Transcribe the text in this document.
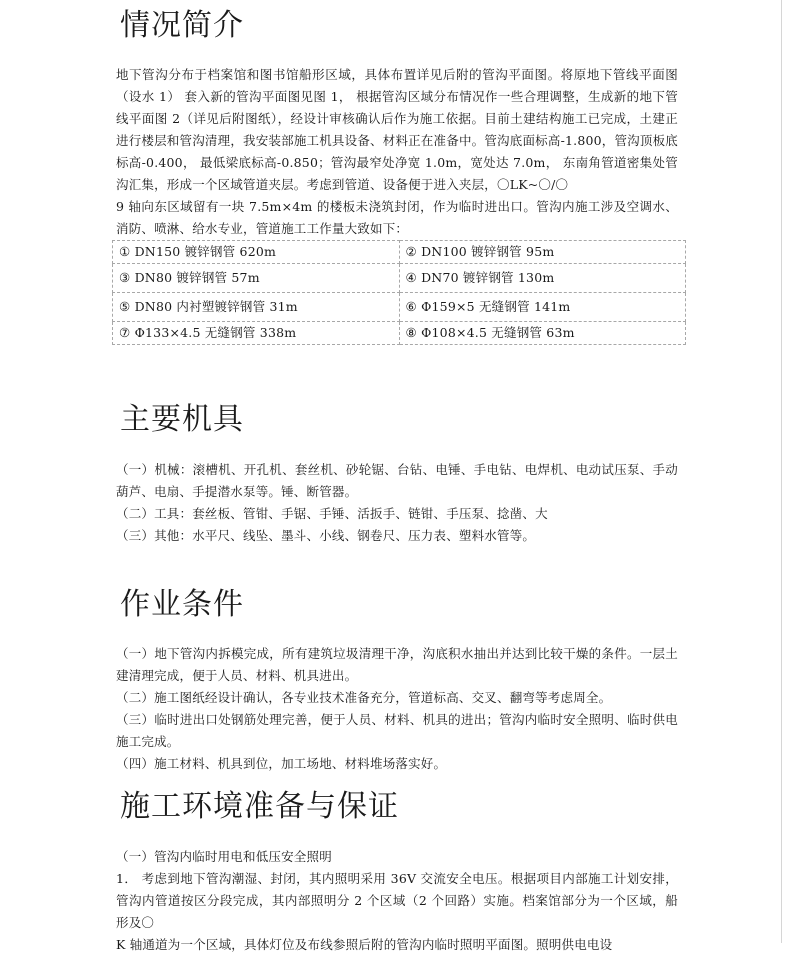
情况简介

地下管沟分布于档案馆和图书馆船形区域，具体布置详见后附的管沟平面图。将原地下管线平面图（设水 1） 套入新的管沟平面图见图 1， 根据管沟区域分布情况作一些合理调整，生成新的地下管线平面图 2（详见后附图纸），经设计审核确认后作为施工依据。目前土建结构施工已完成，土建正进行楼层和管沟清理，我安装部施工机具设备、材料正在准备中。管沟底面标高-1.800，管沟顶板底标高-0.400， 最低梁底标高-0.850；管沟最窄处净宽 1.0m，宽处达 7.0m， 东南角管道密集处管沟汇集，形成一个区域管道夹层。考虑到管道、设备便于进入夹层，〇LK~〇/〇

9 轴向东区域留有一块 7.5m×4m 的楼板未浇筑封闭，作为临时进出口。管沟内施工涉及空调水、消防、喷淋、给水专业，管道施工工作量大致如下：

① DN150 镀锌钢管 620m	② DN100 镀锌钢管 95m
③ DN80 镀锌钢管 57m	④ DN70 镀锌钢管 130m
⑤ DN80 内衬塑镀锌钢管 31m	⑥ Φ159×5 无缝钢管 141m
⑦ Φ133×4.5 无缝钢管 338m	⑧ Φ108×4.5 无缝钢管 63m
主要机具

（一）机械：滚槽机、开孔机、套丝机、砂轮锯、台钻、电锤、手电钻、电焊机、电动试压泵、手动葫芦、电扇、手提潜水泵等。锤、断管器。

（二）工具：套丝板、管钳、手锯、手锤、活扳手、链钳、手压泵、捻凿、大

（三）其他：水平尺、线坠、墨斗、小线、钢卷尺、压力表、塑料水管等。

作业条件

（一）地下管沟内拆模完成，所有建筑垃圾清理干净，沟底积水抽出并达到比较干燥的条件。一层土建清理完成，便于人员、材料、机具进出。

（二）施工图纸经设计确认，各专业技术准备充分，管道标高、交叉、翻弯等考虑周全。

（三）临时进出口处钢筋处理完善，便于人员、材料、机具的进出；管沟内临时安全照明、临时供电施工完成。

（四）施工材料、机具到位，加工场地、材料堆场落实好。

施工环境准备与保证

（一）管沟内临时用电和低压安全照明

1． 考虑到地下管沟潮湿、封闭，其内照明采用 36V 交流安全电压。根据项目内部施工计划安排，管沟内管道按区分段完成，其内部照明分 2 个区域（2 个回路）实施。档案馆部分为一个区域，船形及〇

K 轴通道为一个区域，具体灯位及布线参照后附的管沟内临时照明平面图。照明供电电设
